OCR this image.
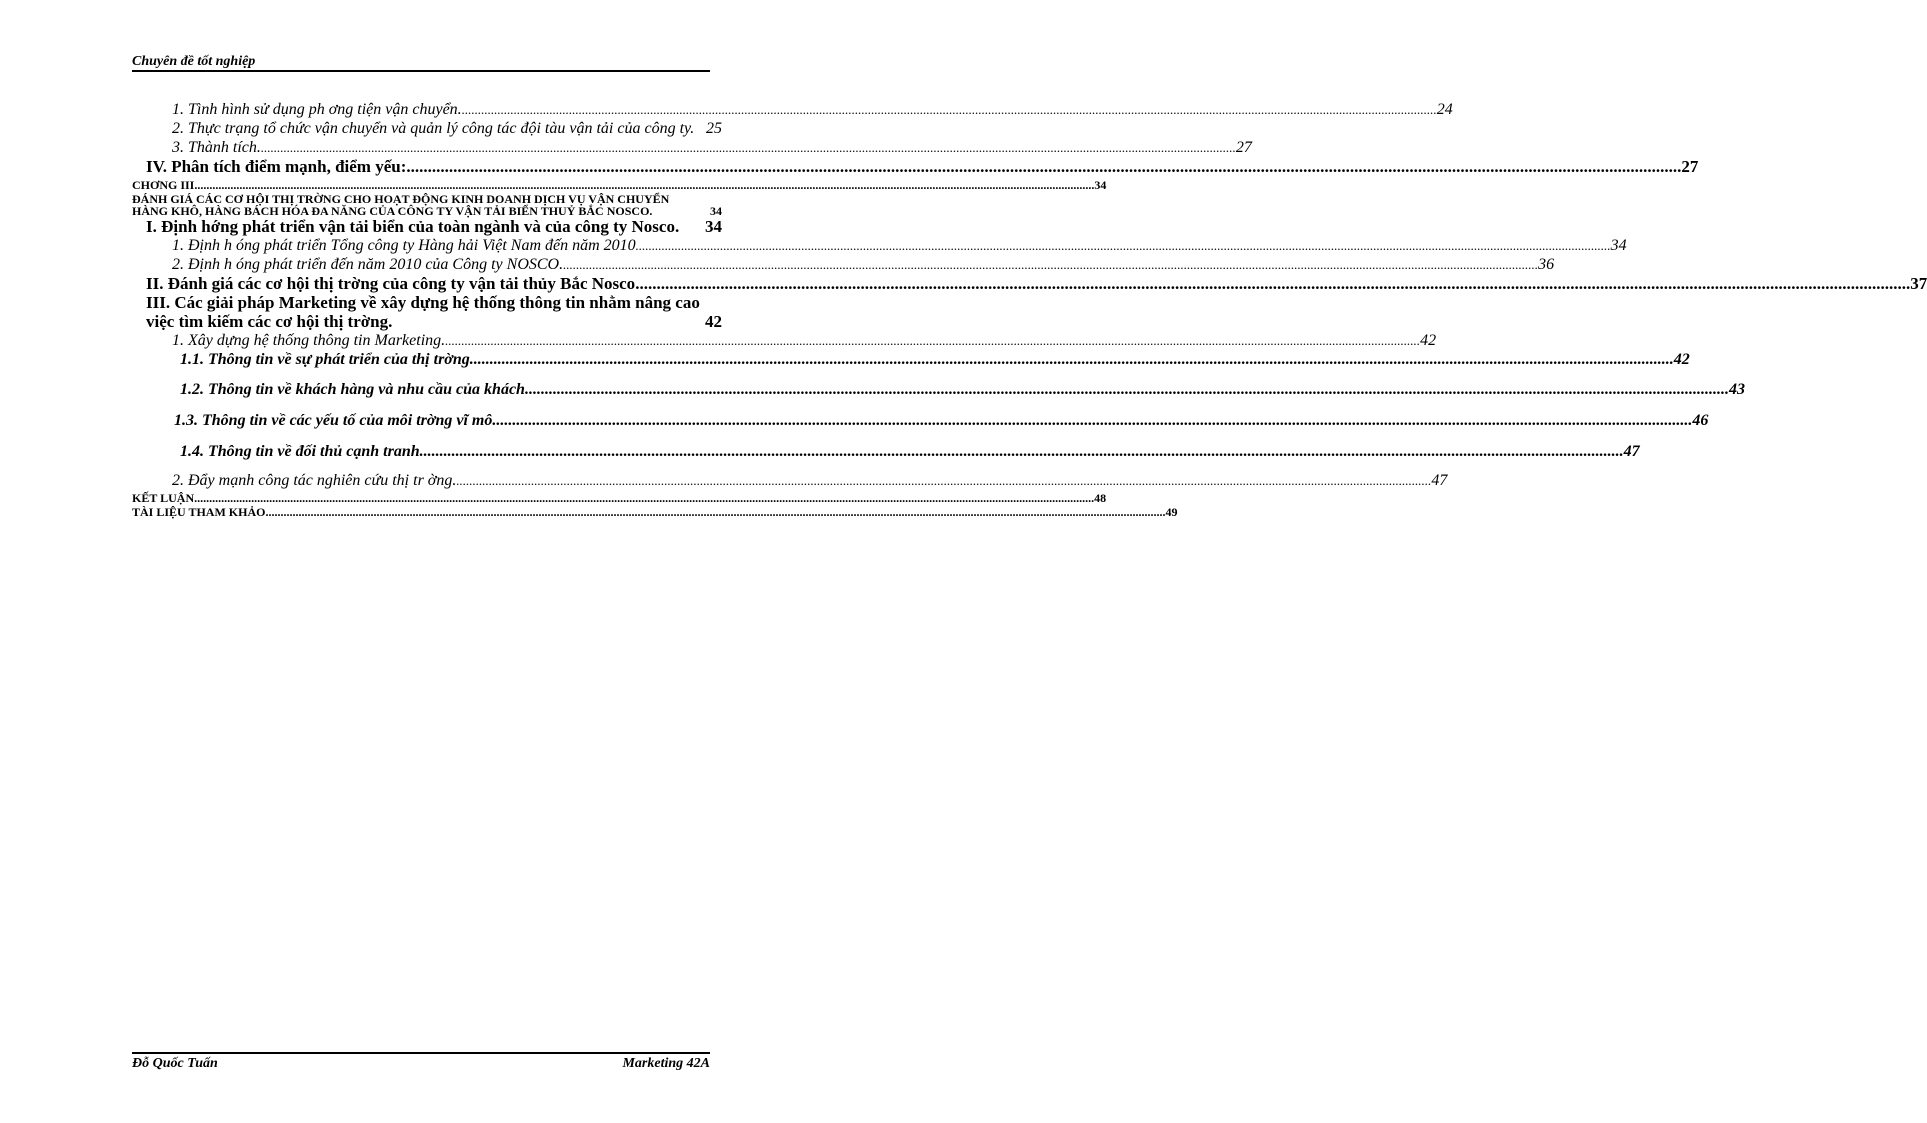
Chuyên đề tốt nghiệp
1. Tình hình sử dụng ph ơng tiện vận chuyển. .....	24
2. Thực trạng tổ chức vận chuyển và quản lý công tác đội tàu vận tải của công ty. 25
3. Thành tích. .....	27
IV. Phân tích điểm mạnh, điểm yếu: .....	27
CHƠNG III .....	34
ĐÁNH GIÁ CÁC CƠ HỘI THỊ TRỜNG CHO HOẠT ĐỘNG KINH DOANH DỊCH VỤ VẬN CHUYỂN HÀNG KHÔ, HÀNG BÁCH HÓA ĐA NĂNG CỦA CÔNG TY VẬN TẢI BIỂN THUỶ BẮC NOSCO.	34
I. Định hớng phát triển vận tải biển của toàn ngành và của công ty Nosco.	34
1. Định h óng phát triển Tổng công ty Hàng hải Việt Nam đến năm 2010 .....	34
2. Định h óng phát triển đến năm 2010 của Công ty NOSCO. .....	36
II. Đánh giá các cơ hội thị trờng của công ty vận tải thủy Bắc Nosco .....	37
III. Các giải pháp Marketing về xây dựng hệ thống thông tin nhằm nâng cao việc tìm kiếm các cơ hội thị trờng.	42
1. Xây dựng hệ thống thông tin Marketing. .....	42
1.1. Thông tin về sự phát triển của thị trờng. .....	42
1.2. Thông tin về khách hàng và nhu cầu của khách. .....	43
1.3. Thông tin về các yếu tố của môi trờng vĩ mô .....	46
1.4. Thông tin về đối thủ cạnh tranh. .....	47
2. Đẩy mạnh công tác nghiên cứu thị tr ờng. .....	47
KẾT LUẬN .....	48
TÀI LIỆU THAM KHẢO .....	49
Đỗ Quốc Tuấn	Marketing 42A
